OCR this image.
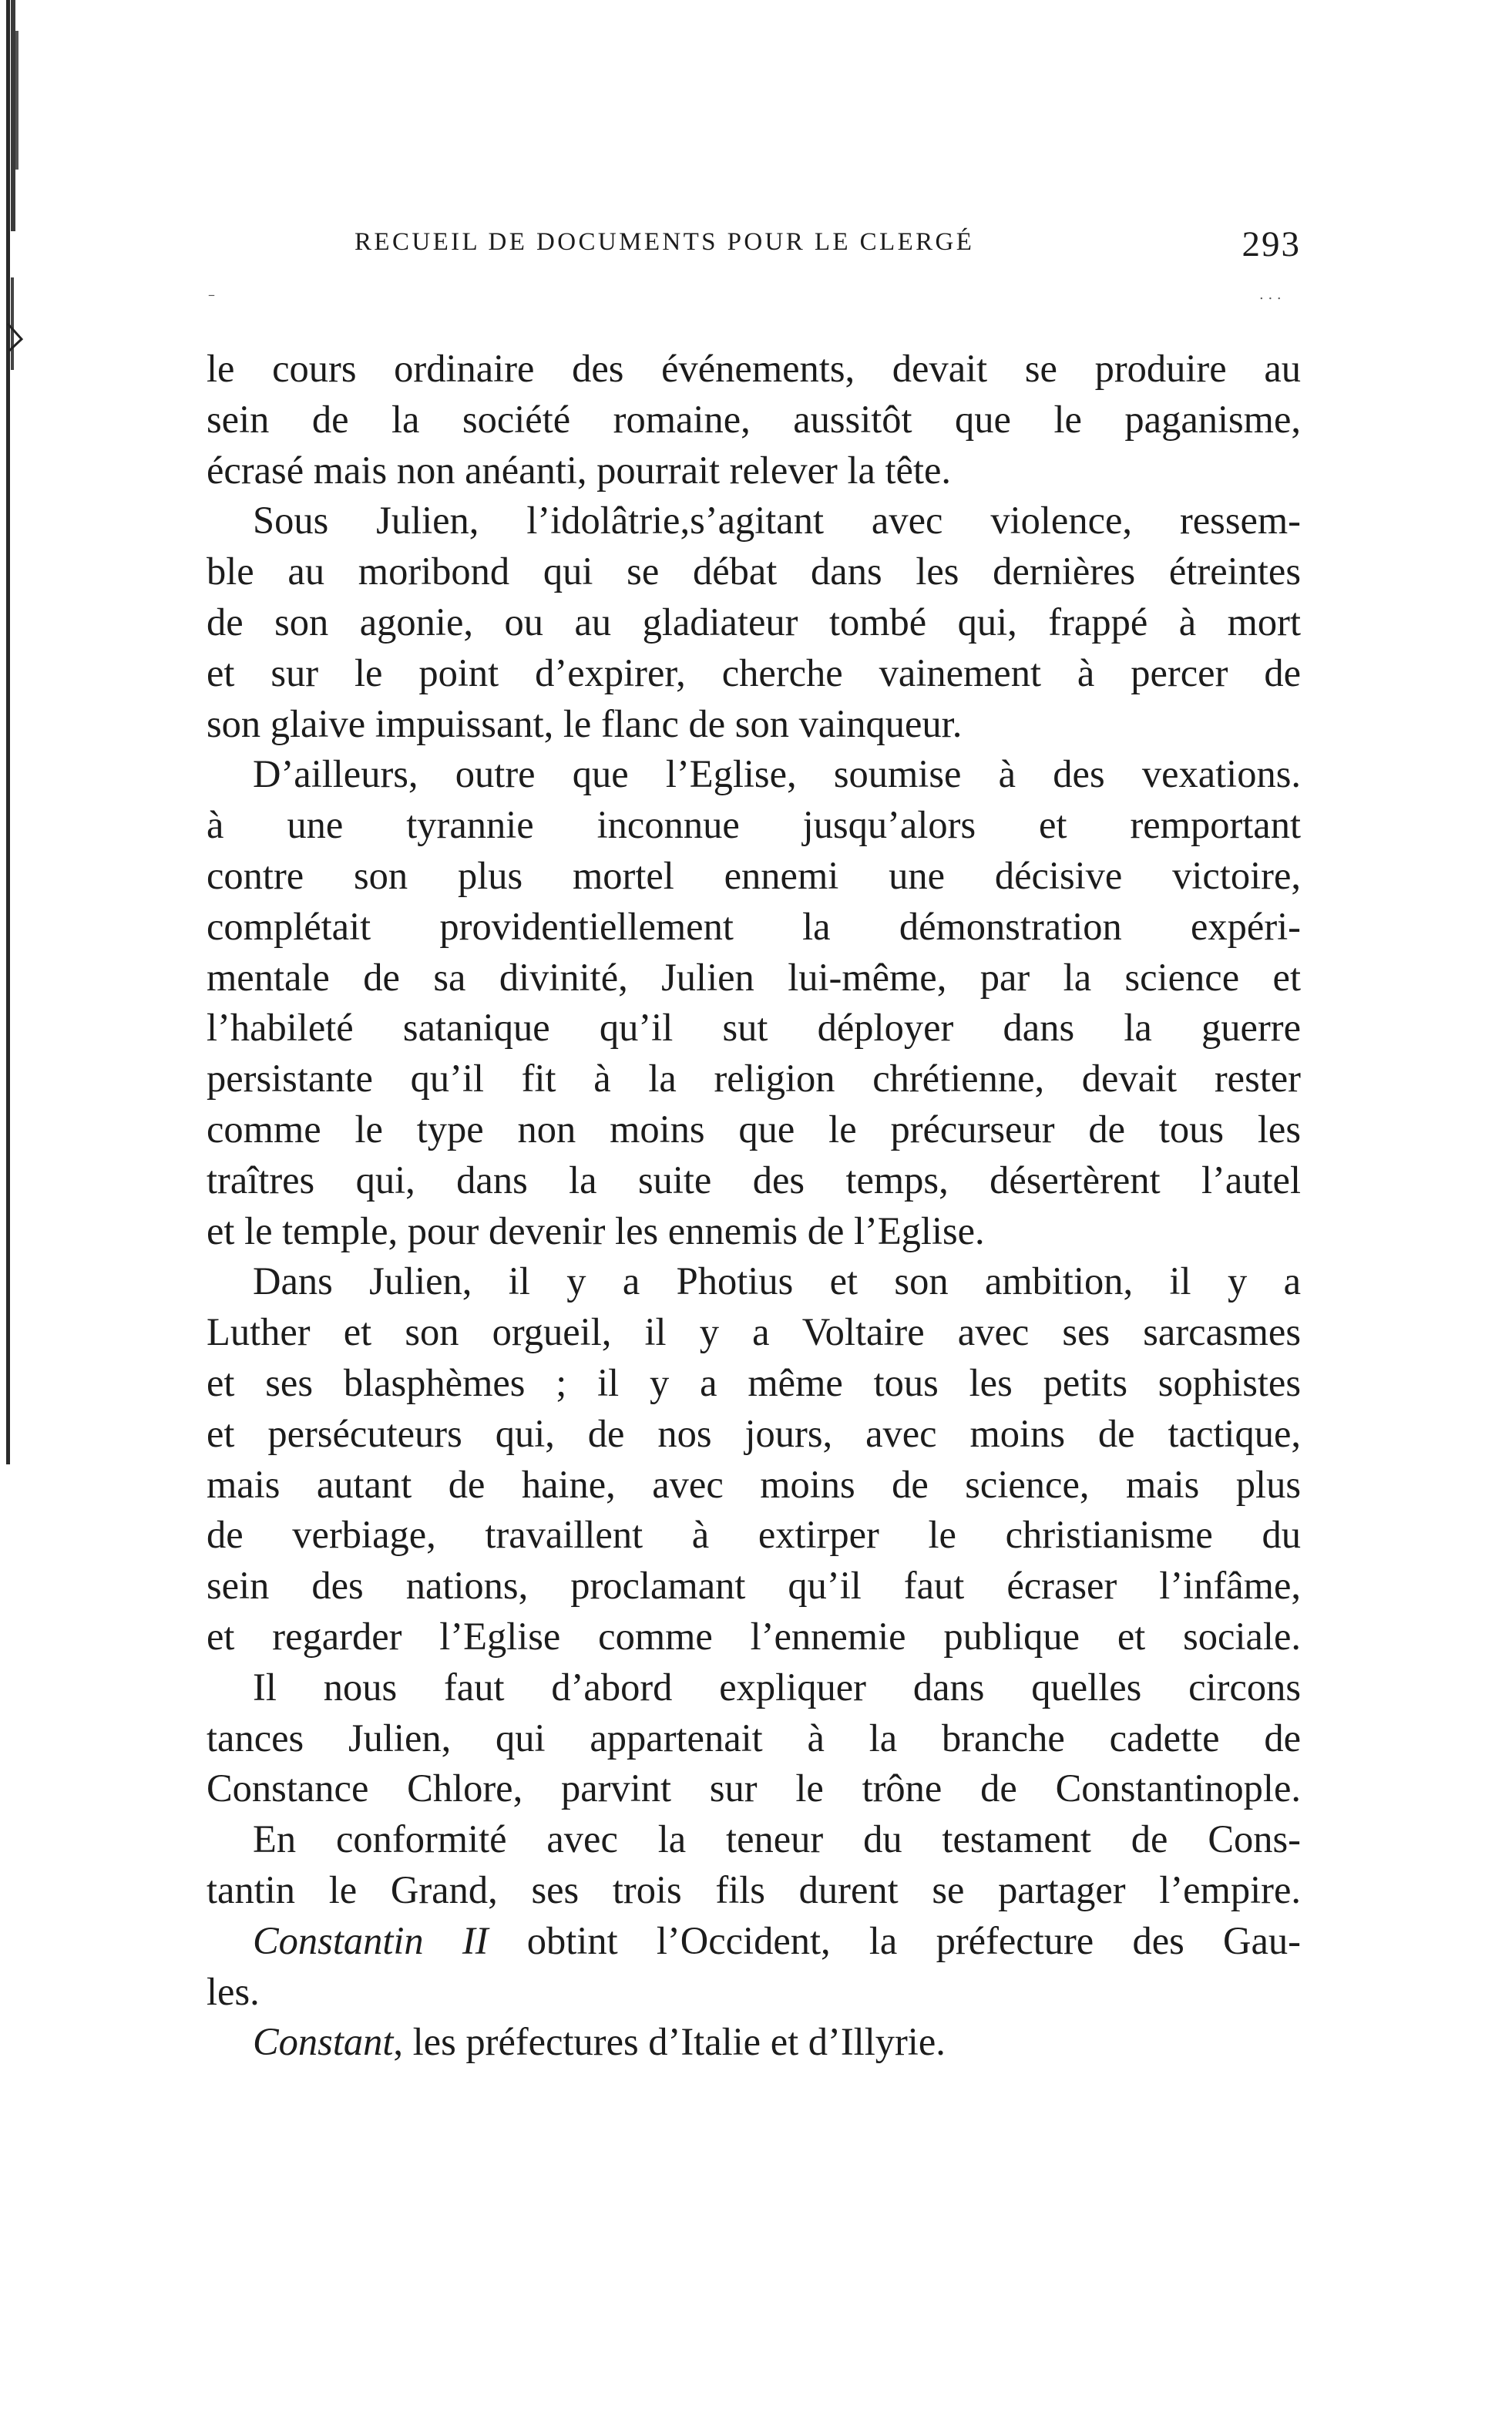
RECUEIL DE DOCUMENTS POUR LE CLERGÉ	293
–	. . .
le cours ordinaire des événements, devait se produire au
sein de la société romaine, aussitôt que le paganisme,
écrasé mais non anéanti, pourrait relever la tête.
Sous Julien, l’idolâtrie,s’agitant avec violence, ressem-
ble au moribond qui se débat dans les dernières étreintes
de son agonie, ou au gladiateur tombé qui, frappé à mort
et sur le point d’expirer, cherche vainement à percer de
son glaive impuissant, le flanc de son vainqueur.
D’ailleurs, outre que l’Eglise, soumise à des vexations.
à une tyrannie inconnue jusqu’alors et remportant
contre son plus mortel ennemi une décisive victoire,
complétait providentiellement la démonstration expéri-
mentale de sa divinité, Julien lui-même, par la science et
l’habileté satanique qu’il sut déployer dans la guerre
persistante qu’il fit à la religion chrétienne, devait rester
comme le type non moins que le précurseur de tous les
traîtres qui, dans la suite des temps, désertèrent l’autel
et le temple, pour devenir les ennemis de l’Eglise.
Dans Julien, il y a Photius et son ambition, il y a
Luther et son orgueil, il y a Voltaire avec ses sarcasmes
et ses blasphèmes ; il y a même tous les petits sophistes
et persécuteurs qui, de nos jours, avec moins de tactique,
mais autant de haine, avec moins de science, mais plus
de verbiage, travaillent à extirper le christianisme du
sein des nations, proclamant qu’il faut écraser l’infâme,
et regarder l’Eglise comme l’ennemie publique et sociale.
Il nous faut d’abord expliquer dans quelles circons
tances Julien, qui appartenait à la branche cadette de
Constance Chlore, parvint sur le trône de Constantinople.
En conformité avec la teneur du testament de Cons-
tantin le Grand, ses trois fils durent se partager l’empire.
Constantin II obtint l’Occident, la préfecture des Gau-
les.
Constant, les préfectures d’Italie et d’Illyrie.
